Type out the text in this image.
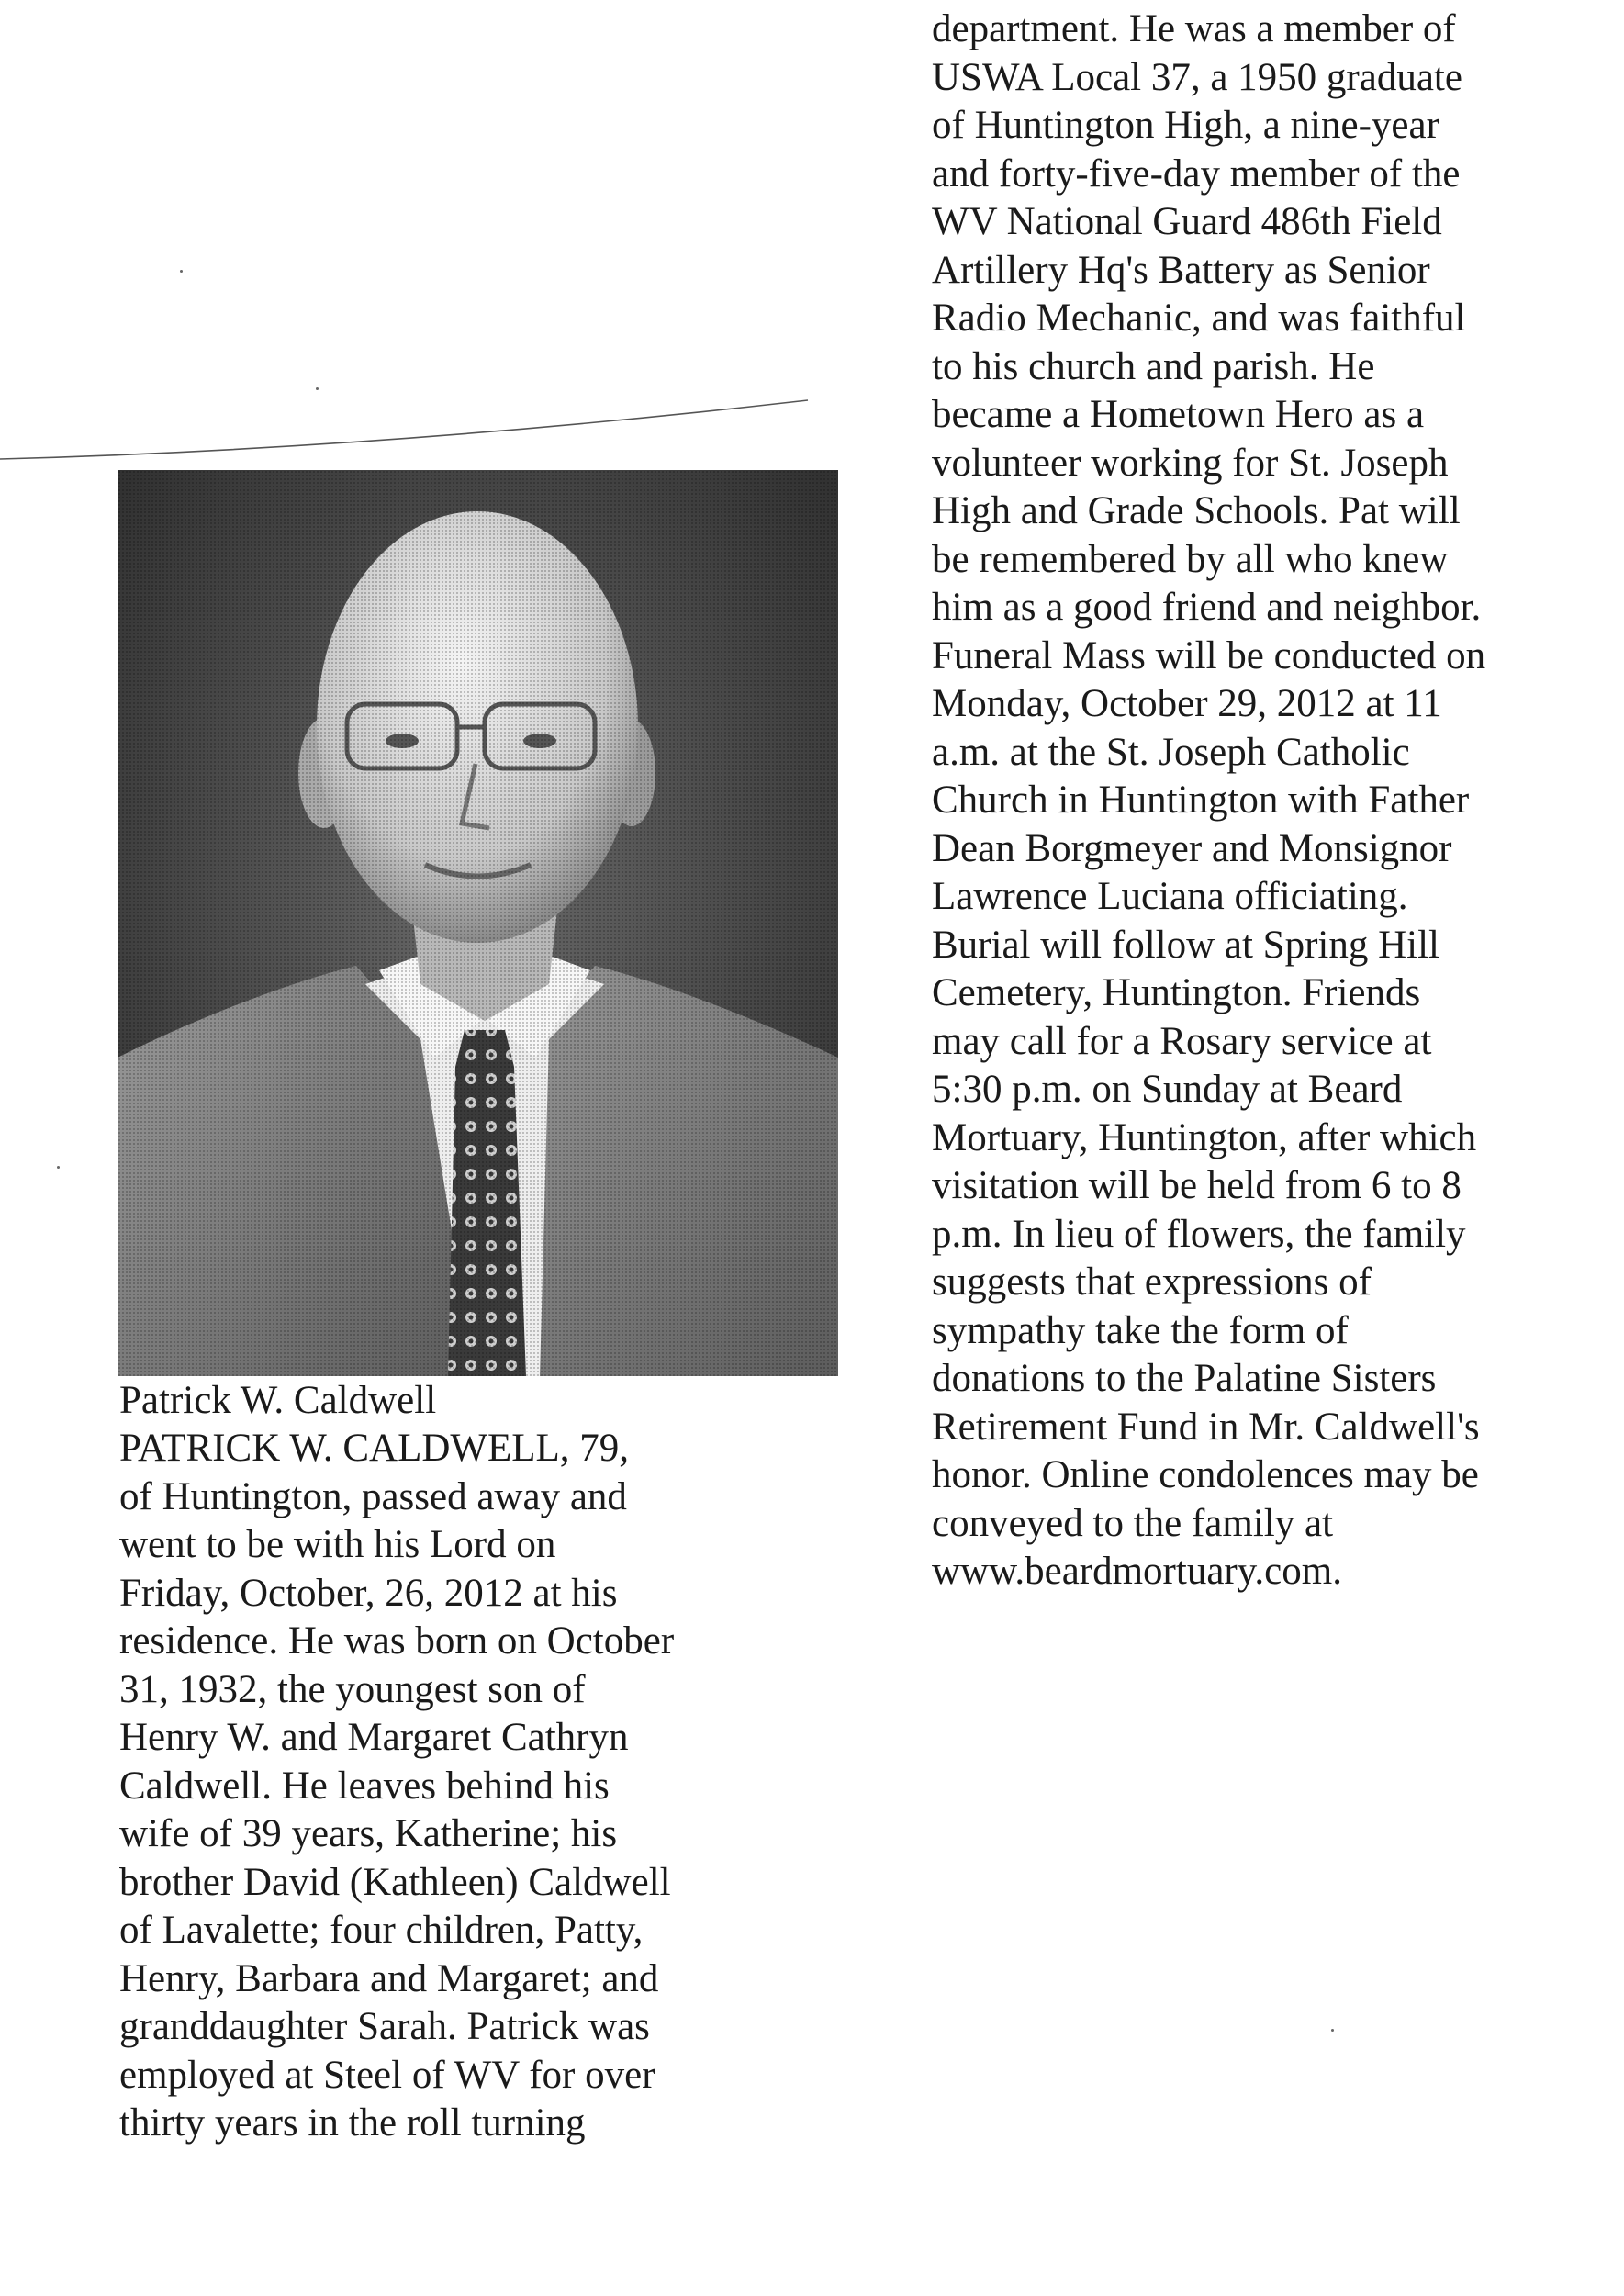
Patrick W. Caldwell
PATRICK W. CALDWELL, 79,
of Huntington, passed away and
went to be with his Lord on
Friday, October, 26, 2012 at his
residence. He was born on October
31, 1932, the youngest son of
Henry W. and Margaret Cathryn
Caldwell. He leaves behind his
wife of 39 years, Katherine; his
brother David (Kathleen) Caldwell
of Lavalette; four children, Patty,
Henry, Barbara and Margaret; and
granddaughter Sarah. Patrick was
employed at Steel of WV for over
thirty years in the roll turning
department. He was a member of
USWA Local 37, a 1950 graduate
of Huntington High, a nine-year
and forty-five-day member of the
WV National Guard 486th Field
Artillery Hq's Battery as Senior
Radio Mechanic, and was faithful
to his church and parish. He
became a Hometown Hero as a
volunteer working for St. Joseph
High and Grade Schools. Pat will
be remembered by all who knew
him as a good friend and neighbor.
Funeral Mass will be conducted on
Monday, October 29, 2012 at 11
a.m. at the St. Joseph Catholic
Church in Huntington with Father
Dean Borgmeyer and Monsignor
Lawrence Luciana officiating.
Burial will follow at Spring Hill
Cemetery, Huntington. Friends
may call for a Rosary service at
5:30 p.m. on Sunday at Beard
Mortuary, Huntington, after which
visitation will be held from 6 to 8
p.m. In lieu of flowers, the family
suggests that expressions of
sympathy take the form of
donations to the Palatine Sisters
Retirement Fund in Mr. Caldwell's
honor. Online condolences may be
conveyed to the family at
www.beardmortuary.com.
